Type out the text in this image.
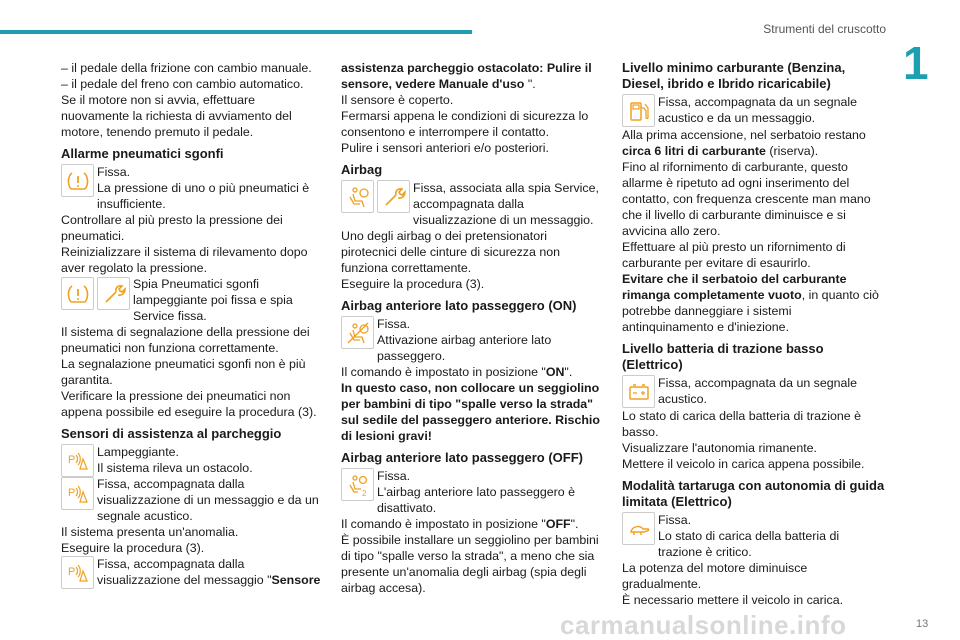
Strumenti del cruscotto
1
13
carmanualsonline.info

– il pedale della frizione con cambio manuale.

– il pedale del freno con cambio automatico.

Se il motore non si avvia, effettuare nuovamente la richiesta di avviamento del motore, tenendo premuto il pedale.

Allarme pneumatici sgonfi

Fissa.

La pressione di uno o più pneumatici è insufficiente.

Controllare al più presto la pressione dei pneumatici.

Reinizializzare il sistema di rilevamento dopo aver regolato la pressione.

Spia Pneumatici sgonfi lampeggiante poi fissa e spia Service fissa.

Il sistema di segnalazione della pressione dei pneumatici non funziona correttamente.

La segnalazione pneumatici sgonfi non è più garantita.

Verificare la pressione dei pneumatici non appena possibile ed eseguire la procedura (3).

Sensori di assistenza al parcheggio
P

Lampeggiante.

Il sistema rileva un ostacolo.

P

Fissa, accompagnata dalla visualizzazione di un messaggio e da un segnale acustico.

Il sistema presenta un'anomalia.

Eseguire la procedura (3).

P

Fissa, accompagnata dalla visualizzazione del messaggio "Sensore

assistenza parcheggio ostacolato: Pulire il sensore, vedere Manuale d'uso ".

Il sensore è coperto.

Fermarsi appena le condizioni di sicurezza lo consentono e interrompere il contatto.

Pulire i sensori anteriori e/o posteriori.

Airbag

Fissa, associata alla spia Service, accompagnata dalla visualizzazione di un messaggio.

Uno degli airbag o dei pretensionatori pirotecnici delle cinture di sicurezza non funziona correttamente.

Eseguire la procedura (3).

Airbag anteriore lato passeggero (ON)

Fissa.

Attivazione airbag anteriore lato passeggero.

Il comando è impostato in posizione "ON".

In questo caso, non collocare un seggiolino per bambini di tipo "spalle verso la strada" sul sedile del passeggero anteriore. Rischio di lesioni gravi!

Airbag anteriore lato passeggero (OFF)
2

Fissa.

L'airbag anteriore lato passeggero è disattivato.

Il comando è impostato in posizione "OFF".

È possibile installare un seggiolino per bambini di tipo "spalle verso la strada", a meno che sia presente un'anomalia degli airbag (spia degli airbag accesa).

Livello minimo carburante (Benzina, Diesel, ibrido e Ibrido ricaricabile)

Fissa, accompagnata da un segnale acustico e da un messaggio.

Alla prima accensione, nel serbatoio restano circa 6 litri di carburante (riserva).

Fino al rifornimento di carburante, questo allarme è ripetuto ad ogni inserimento del contatto, con frequenza crescente man mano che il livello di carburante diminuisce e si avvicina allo zero.

Effettuare al più presto un rifornimento di carburante per evitare di esaurirlo.

Evitare che il serbatoio del carburante rimanga completamente vuoto, in quanto ciò potrebbe danneggiare i sistemi antinquinamento e d'iniezione.

Livello batteria di trazione basso (Elettrico)

Fissa, accompagnata da un segnale acustico.

Lo stato di carica della batteria di trazione è basso.

Visualizzare l'autonomia rimanente.

Mettere il veicolo in carica appena possibile.

Modalità tartaruga con autonomia di guida limitata (Elettrico)

Fissa.

Lo stato di carica della batteria di trazione è critico.

La potenza del motore diminuisce gradualmente.

È necessario mettere il veicolo in carica.
